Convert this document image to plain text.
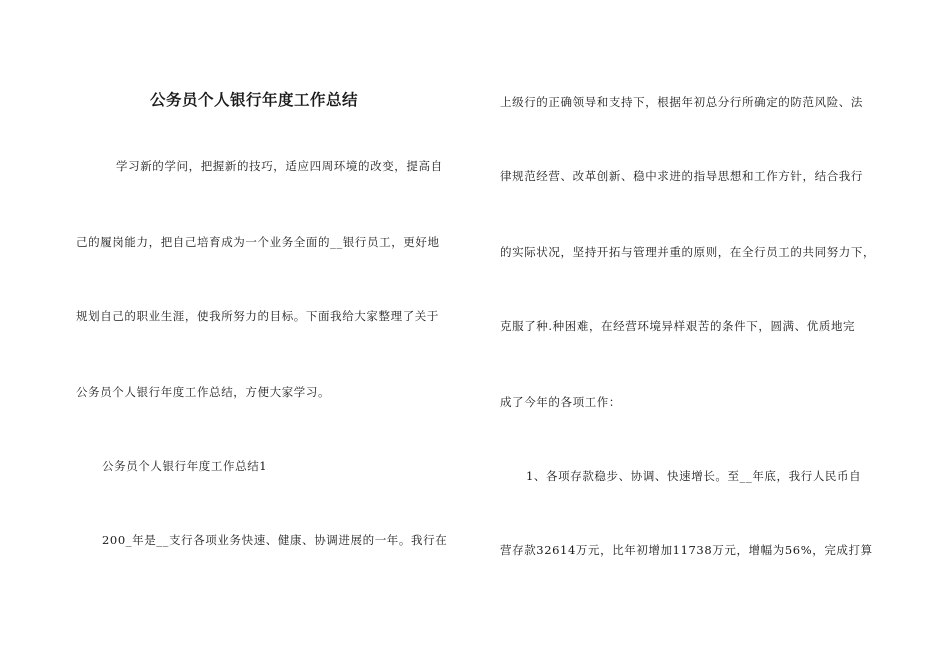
公务员个人银行年度工作总结
学习新的学问，把握新的技巧，适应四周环境的改变，提高自
己的履岗能力，把自己培育成为一个业务全面的__银行员工，更好地
规划自己的职业生涯，使我所努力的目标。下面我给大家整理了关于
公务员个人银行年度工作总结，方便大家学习。
公务员个人银行年度工作总结1
200_年是__支行各项业务快速、健康、协调进展的一年。我行在
上级行的正确领导和支持下，根据年初总分行所确定的防范风险、法
律规范经营、改革创新、稳中求进的指导思想和工作方针，结合我行
的实际状况，坚持开拓与管理并重的原则，在全行员工的共同努力下，
克服了种.种困难，在经营环境异样艰苦的条件下，圆满、优质地完
成了今年的各项工作：
1、各项存款稳步、协调、快速增长。至__年底，我行人民币自
营存款32614万元，比年初增加11738万元，增幅为56%，完成打算
